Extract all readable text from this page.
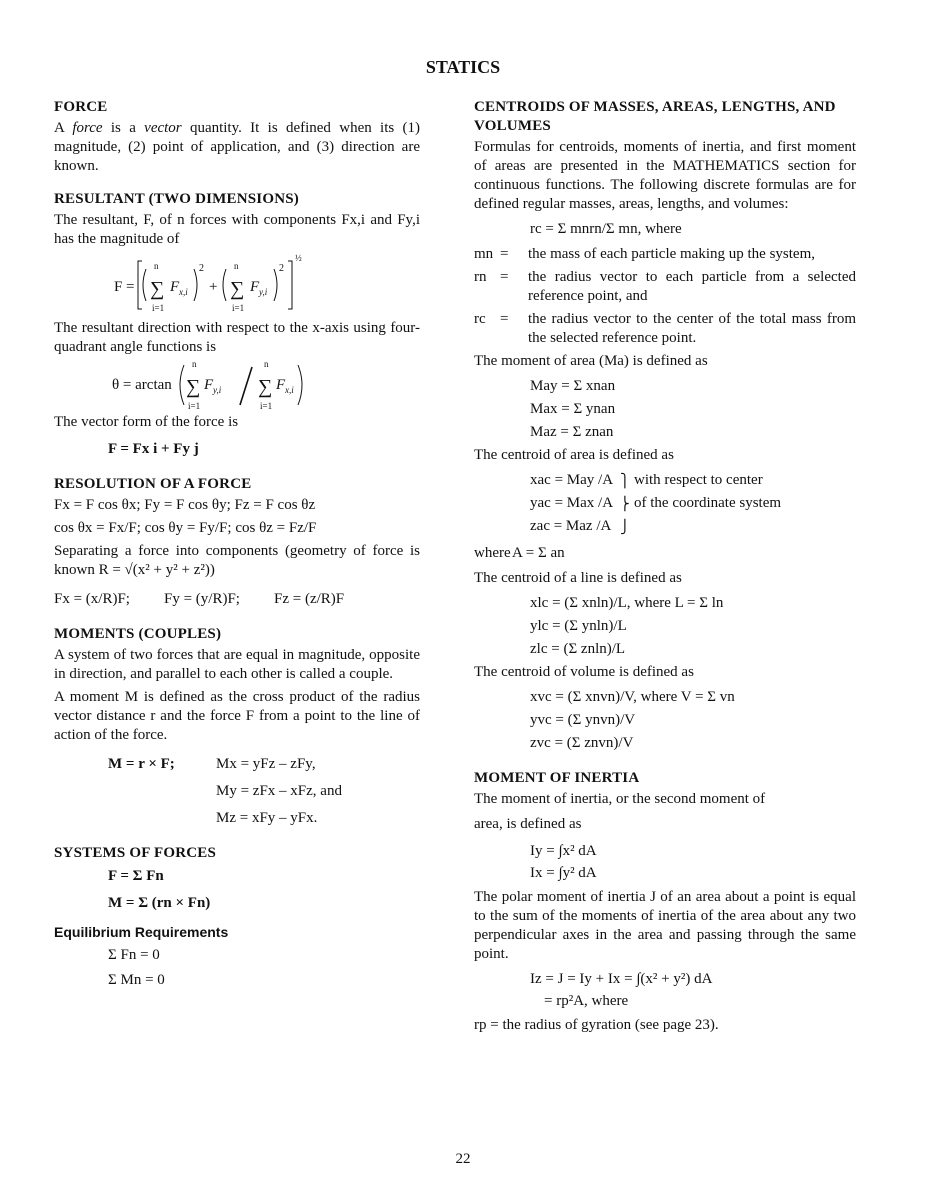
STATICS
FORCE

A force is a vector quantity. It is defined when its (1) magnitude, (2) point of application, and (3) direction are known.

RESULTANT (TWO DIMENSIONS)

The resultant, F, of n forces with components Fx,i and Fy,i has the magnitude of

F =
n
∑
i=1
F x,i
2
+
n
∑
i=1
F y,i
2
½

The resultant direction with respect to the x-axis using four-quadrant angle functions is

θ = arctan
n
∑
i=1
F y,i
n
∑
i=1
F x,i

The vector form of the force is

F = Fx i + Fy j
RESOLUTION OF A FORCE
Fx = F cos θx; Fy = F cos θy; Fz = F cos θz
cos θx = Fx/F; cos θy = Fy/F; cos θz = Fz/F

Separating a force into components (geometry of force is known R = √(x² + y² + z²))

Fx = (x/R)F;	Fy = (y/R)F;	Fz = (z/R)F
MOMENTS (COUPLES)

A system of two forces that are equal in magnitude, opposite in direction, and parallel to each other is called a couple.

A moment M is defined as the cross product of the radius vector distance r and the force F from a point to the line of action of the force.

M = r × F;	Mx = yFz – zFy,
My = zFx – xFz, and
Mz = xFy – yFx.
SYSTEMS OF FORCES
F = Σ Fn
M = Σ (rn × Fn)
Equilibrium Requirements
Σ Fn = 0
Σ Mn = 0
CENTROIDS OF MASSES, AREAS, LENGTHS, AND VOLUMES

Formulas for centroids, moments of inertia, and first moment of areas are presented in the MATHEMATICS section for continuous functions. The following discrete formulas are for defined regular masses, areas, lengths, and volumes:

rc = Σ mnrn/Σ mn, where
mn =	the mass of each particle making up the system,
rn =	the radius vector to each particle from a selected reference point, and
rc =	the radius vector to the center of the total mass from the selected reference point.

The moment of area (Ma) is defined as

May = Σ xnan
Max = Σ ynan
Maz = Σ znan

The centroid of area is defined as

xac = May /A
yac = Max /A
zac = Maz /A
⎫
⎬
⎭
with respect to center
of the coordinate system
whereA = Σ an

The centroid of a line is defined as

xlc = (Σ xnln)/L, where L = Σ ln
ylc = (Σ ynln)/L
zlc = (Σ znln)/L

The centroid of volume is defined as

xvc = (Σ xnvn)/V, where V = Σ vn
yvc = (Σ ynvn)/V
zvc = (Σ znvn)/V
MOMENT OF INERTIA
The moment of inertia, or the second moment of
area, is defined as
Iy = ∫x² dA
Ix = ∫y² dA

The polar moment of inertia J of an area about a point is equal to the sum of the moments of inertia of the area about any two perpendicular axes in the area and passing through the same point.

Iz = J = Iy + Ix = ∫(x² + y²) dA
= rp²A, where
rp = the radius of gyration (see page 23).
22
